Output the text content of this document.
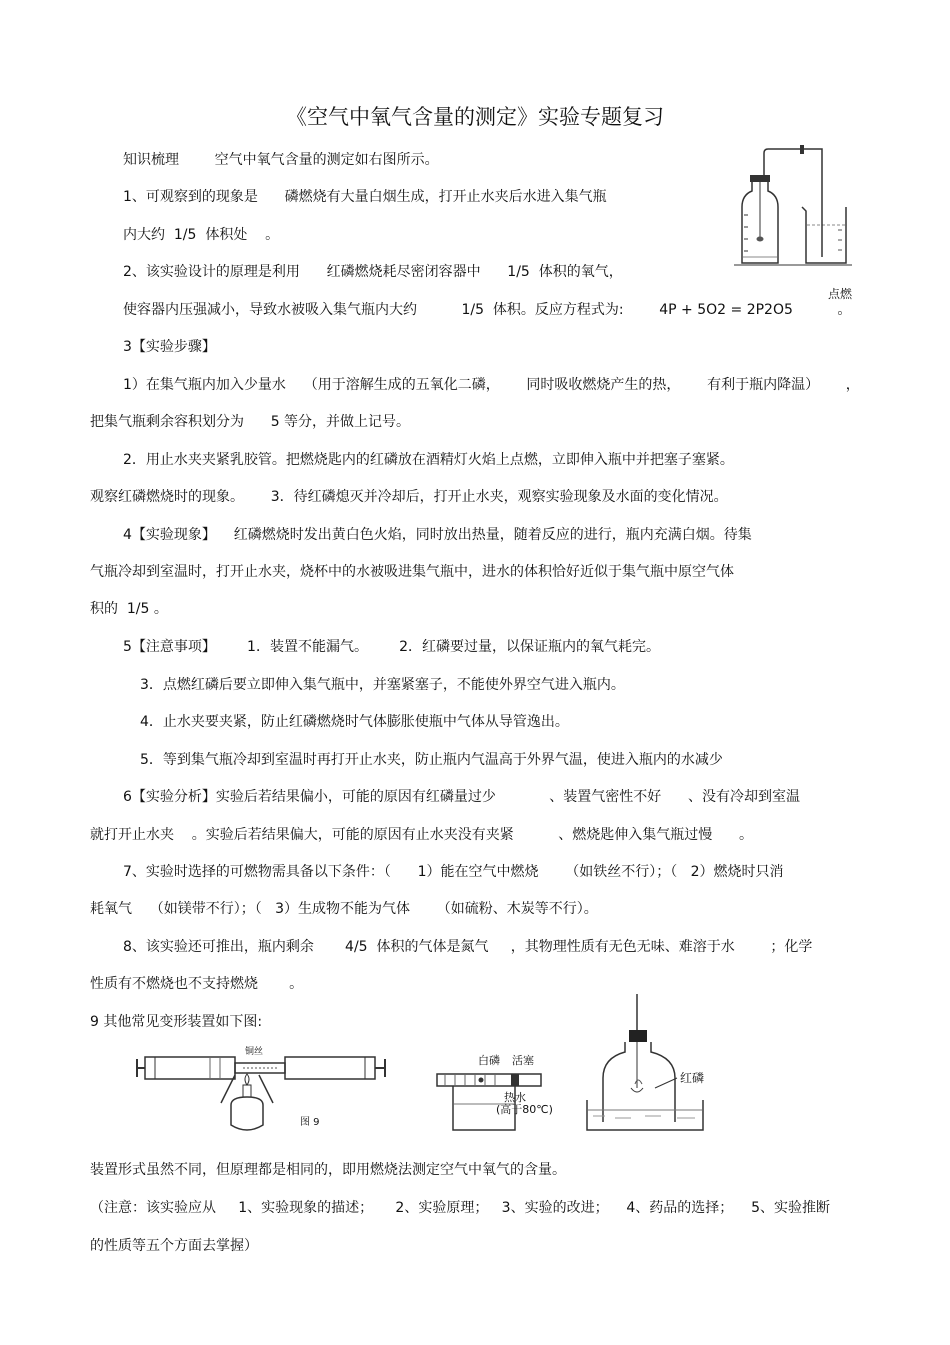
《空气中氧气含量的测定》实验专题复习
知识梳理        空气中氧气含量的测定如右图所示。
1、可观察到的现象是      磷燃烧有大量白烟生成，打开止水夹后水进入集气瓶
内大约  1/5  体积处    。
2、该实验设计的原理是利用      红磷燃烧耗尽密闭容器中      1/5  体积的氧气，
使容器内压强减小，导致水被吸入集气瓶内大约          1/5  体积。反应方程式为:        4P + 5O2 = 2P2O5          。
点燃
3【实验步骤】
1）在集气瓶内加入少量水    （用于溶解生成的五氧化二磷，      同时吸收燃烧产生的热，      有利于瓶内降温）      ，
把集气瓶剩余容积划分为      5 等分，并做上记号。
2．用止水夹夹紧乳胶管。把燃烧匙内的红磷放在酒精灯火焰上点燃，立即伸入瓶中并把塞子塞紧。
观察红磷燃烧时的现象。      3．待红磷熄灭并冷却后，打开止水夹，观察实验现象及水面的变化情况。
4【实验现象】    红磷燃烧时发出黄白色火焰，同时放出热量，随着反应的进行，瓶内充满白烟。待集
气瓶冷却到室温时，打开止水夹，烧杯中的水被吸进集气瓶中，进水的体积恰好近似于集气瓶中原空气体
积的  1/5 。
5【注意事项】       1．装置不能漏气。       2．红磷要过量，以保证瓶内的氧气耗完。
3．点燃红磷后要立即伸入集气瓶中，并塞紧塞子，不能使外界空气进入瓶内。
4．止水夹要夹紧，防止红磷燃烧时气体膨胀使瓶中气体从导管逸出。
5．等到集气瓶冷却到室温时再打开止水夹，防止瓶内气温高于外界气温，使进入瓶内的水减少
6【实验分析】实验后若结果偏小，可能的原因有红磷量过少            、装置气密性不好      、没有冷却到室温
就打开止水夹    。实验后若结果偏大，可能的原因有止水夹没有夹紧          、燃烧匙伸入集气瓶过慢      。
7、实验时选择的可燃物需具备以下条件：（      1）能在空气中燃烧      （如铁丝不行）；（   2）燃烧时只消
耗氧气    （如镁带不行）；（   3）生成物不能为气体      （如硫粉、木炭等不行）。
8、该实验还可推出，瓶内剩余       4/5  体积的气体是氮气     ，其物理性质有无色无味、难溶于水        ；化学
性质有不燃烧也不支持燃烧       。
9 其他常见变形装置如下图:
装置形式虽然不同，但原理都是相同的，即用燃烧法测定空气中氧气的含量。
（注意：该实验应从     1、实验现象的描述；     2、实验原理；   3、实验的改进；    4、药品的选择；    5、实验推断
的性质等五个方面去掌握）
铜丝
图 9
白磷 活塞
热水
(高于80℃)
红磷
